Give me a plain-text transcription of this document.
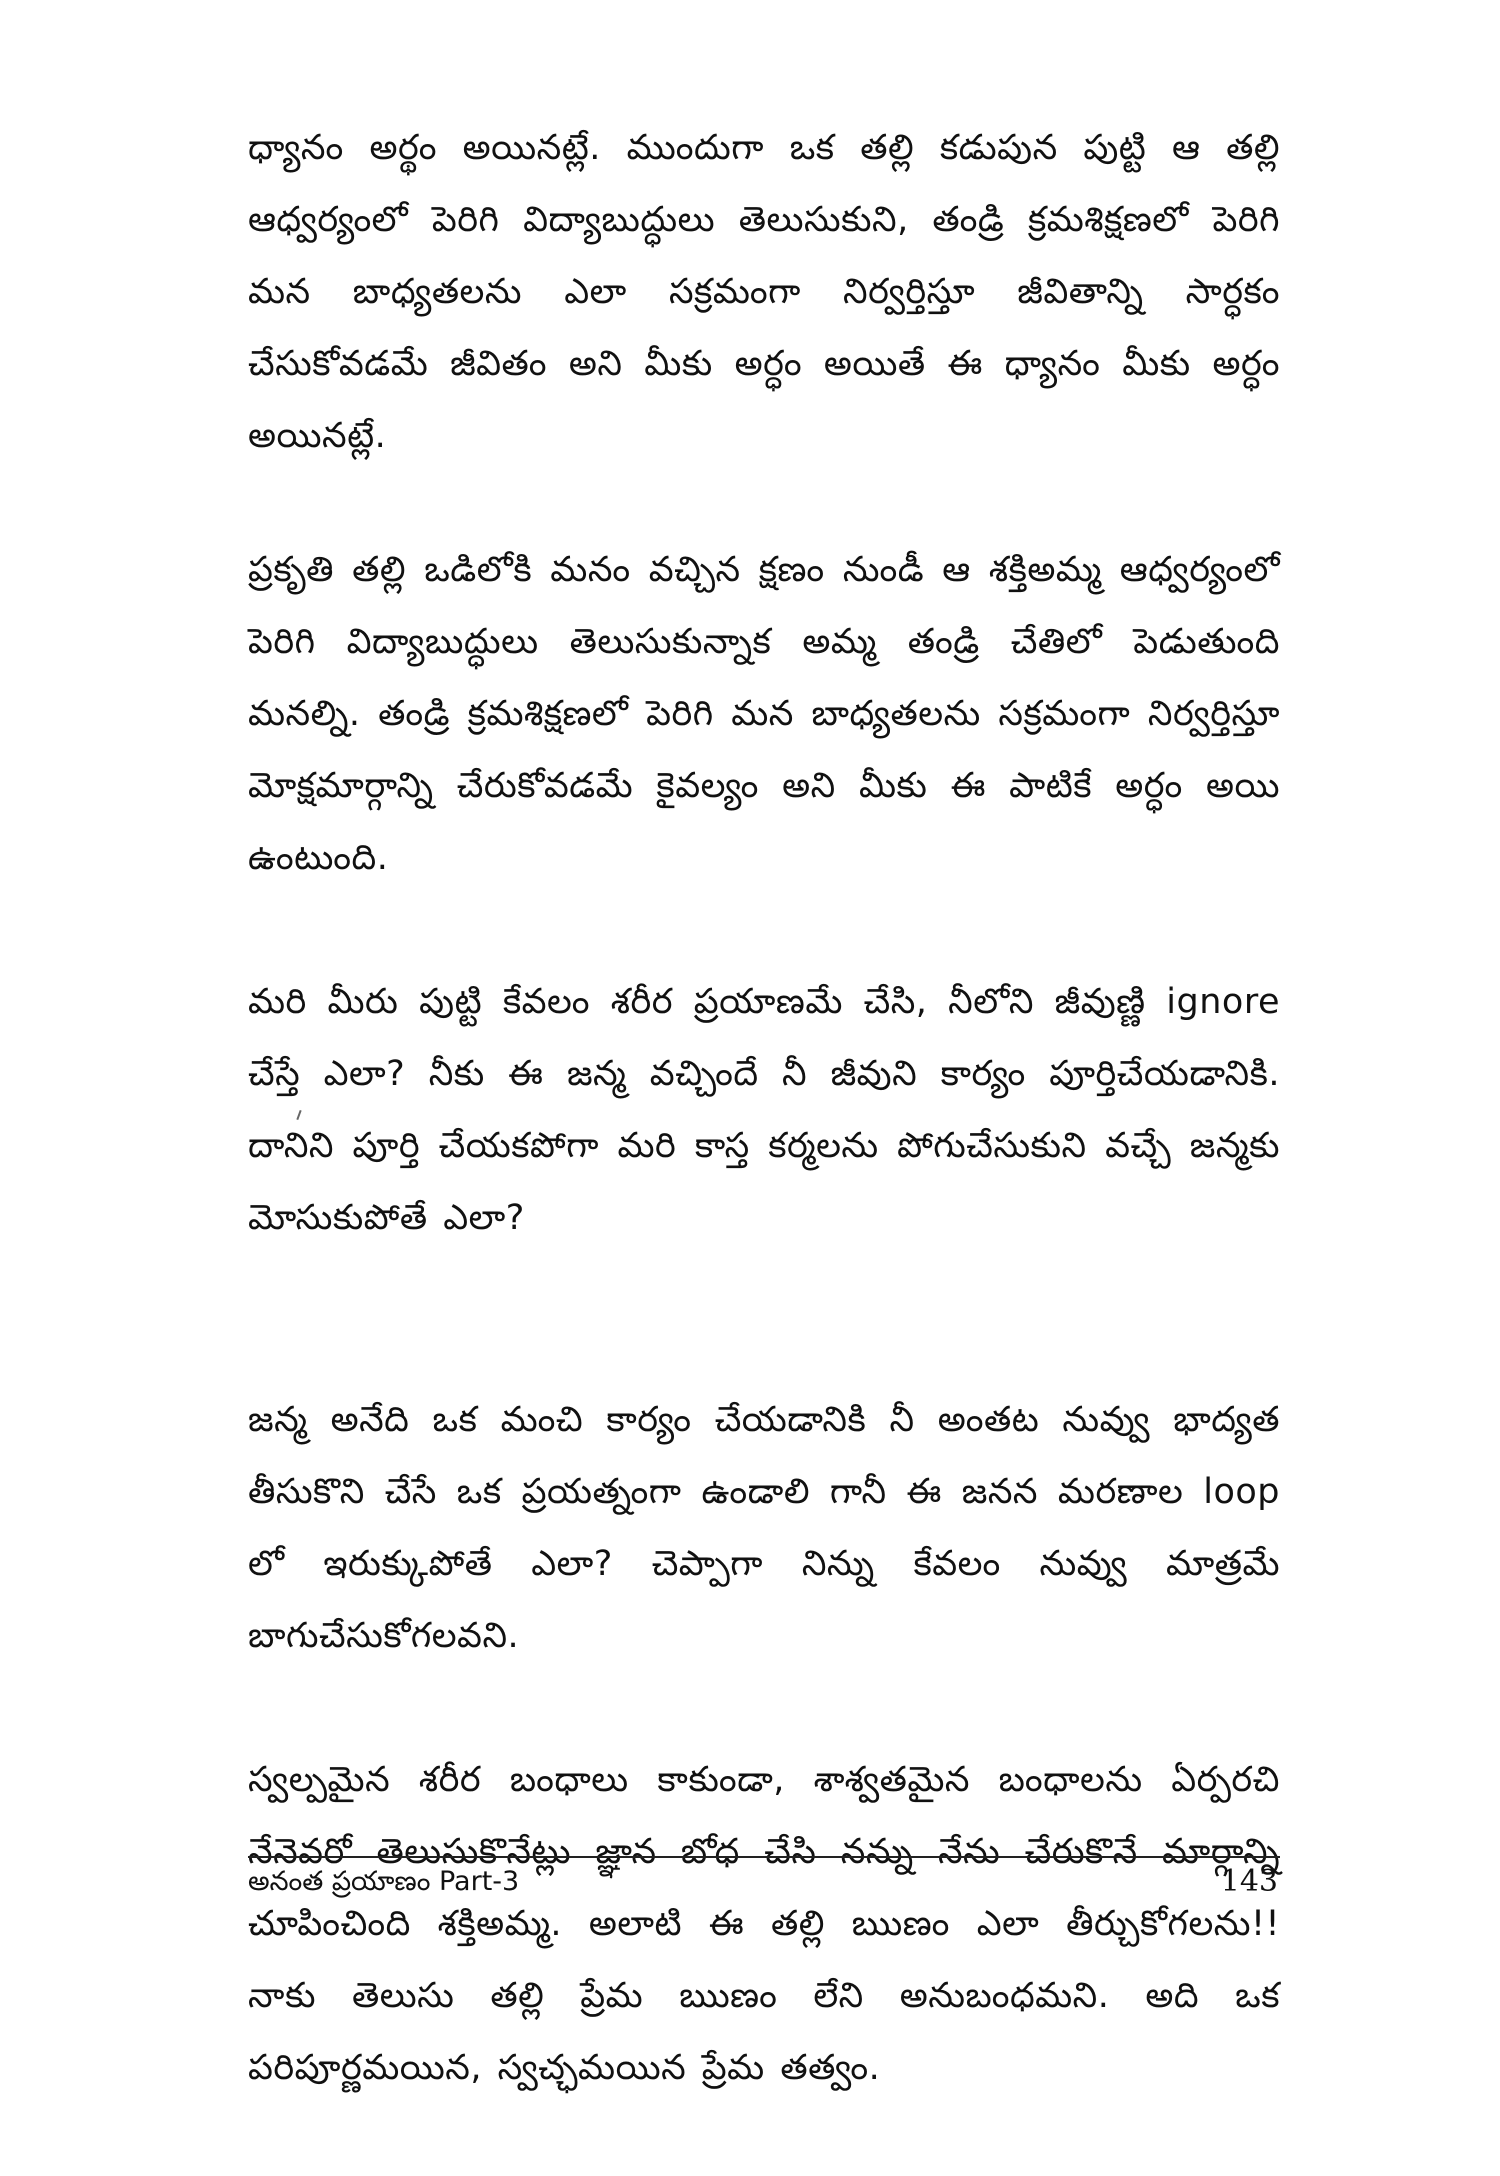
ధ్యానం అర్థం అయినట్లే. ముందుగా ఒక తల్లి కడుపున పుట్టి ఆ తల్లి ఆధ్వర్యంలో పెరిగి విద్యాబుద్ధులు తెలుసుకుని, తండ్రి క్రమశిక్షణలో పెరిగి మన బాధ్యతలను ఎలా సక్రమంగా నిర్వర్తిస్తూ జీవితాన్ని సార్ధకం చేసుకోవడమే జీవితం అని మీకు అర్ధం అయితే ఈ ధ్యానం మీకు అర్ధం అయినట్లే.

ప్రకృతి తల్లి ఒడిలోకి మనం వచ్చిన క్షణం నుండీ ఆ శక్తిఅమ్మ ఆధ్వర్యంలో పెరిగి విద్యాబుద్ధులు తెలుసుకున్నాక అమ్మ తండ్రి చేతిలో పెడుతుంది మనల్ని. తండ్రి క్రమశిక్షణలో పెరిగి మన బాధ్యతలను సక్రమంగా నిర్వర్తిస్తూ మోక్షమార్గాన్ని చేరుకోవడమే కైవల్యం అని మీకు ఈ పాటికే అర్ధం అయి ఉంటుంది.

మరి మీరు పుట్టి కేవలం శరీర ప్రయాణమే చేసి, నీలోని జీవుణ్ణి ignore చేస్తే ఎలా? నీకు ఈ జన్మ వచ్చిందే నీ జీవుని కార్యం పూర్తిచేయడానికి. దానిని పూర్తి చేయకపోగా మరి కాస్త కర్మలను పోగుచేసుకుని వచ్చే జన్మకు మోసుకుపోతే ఎలా?

జన్మ అనేది ఒక మంచి కార్యం చేయడానికి నీ అంతట నువ్వు భాద్యత తీసుకొని చేసే ఒక ప్రయత్నంగా ఉండాలి గానీ ఈ జనన మరణాల loop లో ఇరుక్కుపోతే ఎలా? చెప్పాగా నిన్ను కేవలం నువ్వు మాత్రమే బాగుచేసుకోగలవని.

స్వల్పమైన శరీర బంధాలు కాకుండా, శాశ్వతమైన బంధాలను ఏర్పరచి నేనెవరో తెలుసుకొనేట్లు జ్ఞాన బోధ చేసి నన్ను నేను చేరుకొనే మార్గాన్ని చూపించింది శక్తిఅమ్మ. అలాటి ఈ తల్లి ఋణం ఎలా తీర్చుకోగలను!! నాకు తెలుసు తల్లి ప్రేమ ఋణం లేని అనుబంధమని. అది ఒక పరిపూర్ణమయిన, స్వచ్ఛమయిన ప్రేమ తత్వం.

అనంత ప్రయాణం Part-3	143
